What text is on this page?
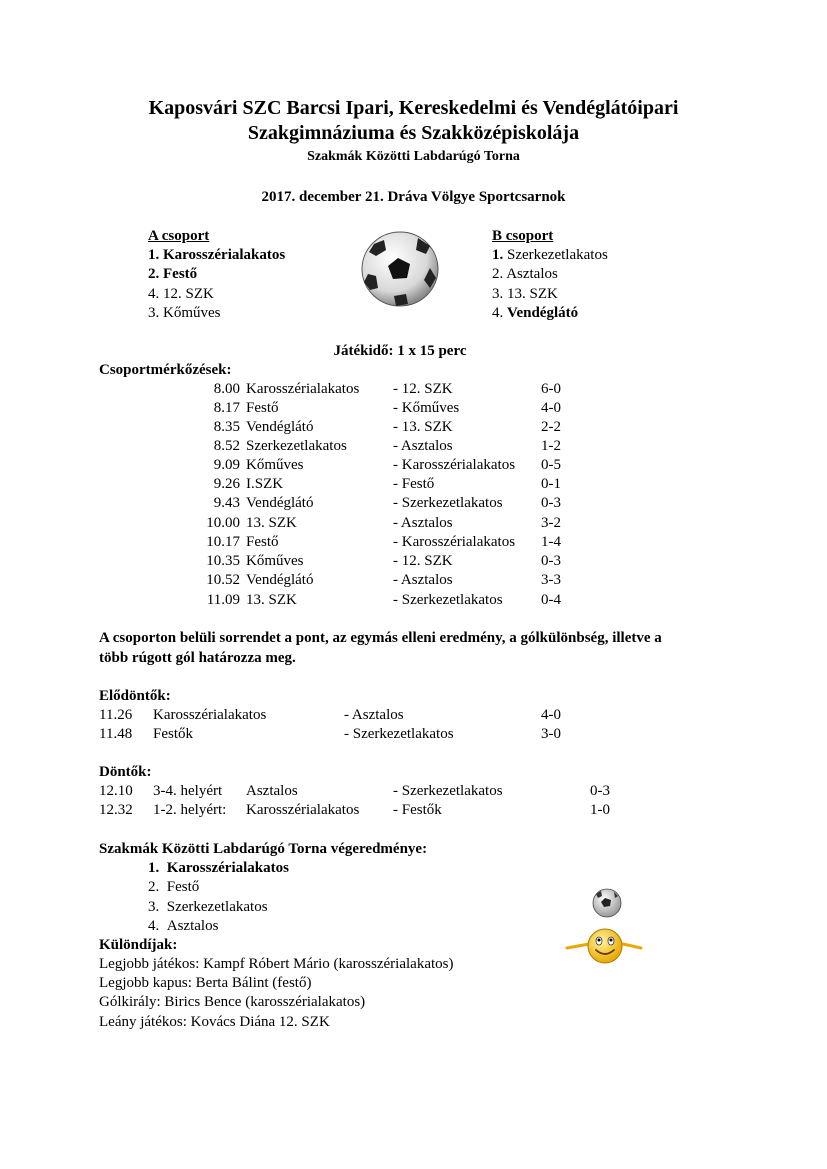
Kaposvári SZC Barcsi Ipari, Kereskedelmi és Vendéglátóipari
Szakgimnáziuma és Szakközépiskolája
Szakmák Közötti Labdarúgó Torna
2017. december 21. Dráva Völgye Sportcsarnok
A csoport
1. Karosszérialakatos
2. Festő
4. 12. SZK
3. Kőműves
B csoport
1. Szerkezetlakatos
2. Asztalos
3. 13. SZK
4. Vendéglátó
Játékidő: 1 x 15 perc
Csoportmérkőzések:
8.00 Karosszérialakatos - 12. SZK	6-0
8.17 Festő	- Kőműves	4-0
8.35 Vendéglátó	- 13. SZK	2-2
8.52 Szerkezetlakatos	- Asztalos	1-2
9.09 Kőműves	- Karosszérialakatos 0-5
9.26 I.SZK	- Festő	0-1
9.43 Vendéglátó	- Szerkezetlakatos	0-3
10.00 13. SZK	- Asztalos	3-2
10.17 Festő	- Karosszérialakatos 1-4
10.35 Kőműves	- 12. SZK	0-3
10.52 Vendéglátó	- Asztalos	3-3
11.09 13. SZK	- Szerkezetlakatos	0-4
A csoporton belüli sorrendet a pont, az egymás elleni eredmény, a gólkülönbség, illetve a
több rúgott gól határozza meg.
Elődöntők:
11.26 Karosszérialakatos	- Asztalos	4-0
11.48 Festők	- Szerkezetlakatos	3-0
Döntők:
12.10 3-4. helyért Asztalos	- Szerkezetlakatos	0-3
12.32 1-2. helyért: Karosszérialakatos - Festők	1-0
Szakmák Közötti Labdarúgó Torna végeredménye:
1. Karosszérialakatos
2. Festő
3. Szerkezetlakatos
4. Asztalos
Különdíjak:
Legjobb játékos: Kampf Róbert Mário (karosszérialakatos)
Legjobb kapus: Berta Bálint (festő)
Gólkirály: Birics Bence (karosszérialakatos)
Leány játékos: Kovács Diána 12. SZK
